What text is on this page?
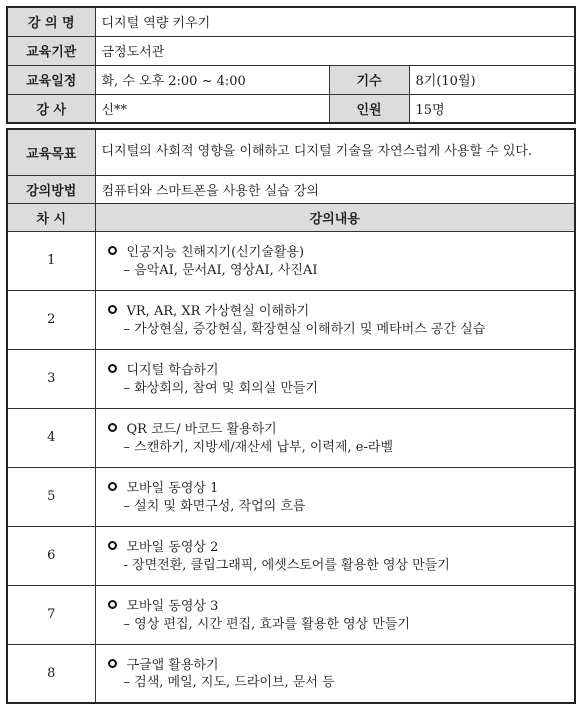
강 의 명	디지털 역량 키우기		
교육기관	금정도서관		
교육일정	화, 수 오후 2:00 ~ 4:00	기수	8기(10월)
강 사	신**	인원	15명
교육목표	디지털의 사회적 영향을 이해하고 디지털 기술을 자연스럽게 사용할 수 있다.
강의방법	컴퓨터와 스마트폰을 사용한 실습 강의
차 시	강의내용
1	인공지능 친해지기(신기술활용)
– 음악AI, 문서AI, 영상AI, 사진AI

2	VR, AR, XR 가상현실 이해하기
– 가상현실, 증강현실, 확장현실 이해하기 및 메타버스 공간 실습

3	디지털 학습하기
– 화상회의, 참여 및 회의실 만들기

4	QR 코드/ 바코드 활용하기
– 스캔하기, 지방세/재산세 납부, 이력제, e-라벨

5	모바일 동영상 1
– 설치 및 화면구성, 작업의 흐름

6	모바일 동영상 2
- 장면전환, 클립그래픽, 에셋스토어를 활용한 영상 만들기

7	모바일 동영상 3
– 영상 편집, 시간 편집, 효과를 활용한 영상 만들기

8	구글앱 활용하기
– 검색, 메일, 지도, 드라이브, 문서 등
